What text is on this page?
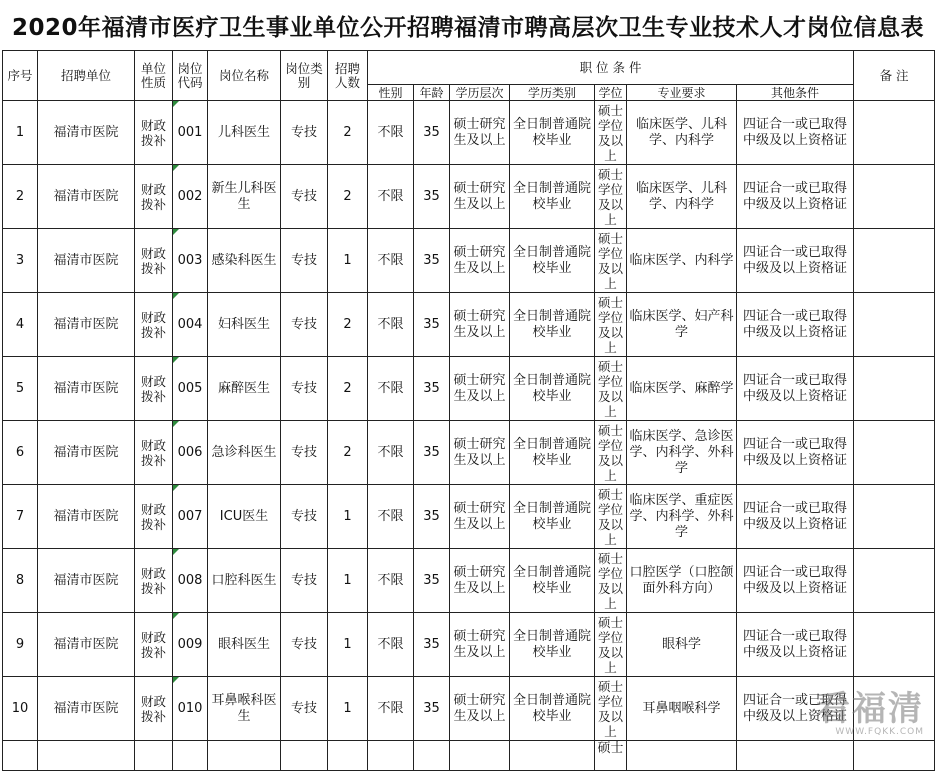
2020年福清市医疗卫生事业单位公开招聘福清市聘高层次卫生专业技术人才岗位信息表
序号	招聘单位	单位性质	岗位代码	岗位名称	岗位类别	招聘人数	职 位 条 件							备 注
							性别	年龄	学历层次	学历类别	学位	专业要求	其他条件	
1	福清市医院	财政拨补	001	儿科医生	专技	2	不限	35	硕士研究生及以上	全日制普通院校毕业	硕士学位及以上	临床医学、儿科学、内科学	四证合一或已取得中级及以上资格证	
2	福清市医院	财政拨补	002	新生儿科医生	专技	2	不限	35	硕士研究生及以上	全日制普通院校毕业	硕士学位及以上	临床医学、儿科学、内科学	四证合一或已取得中级及以上资格证	
3	福清市医院	财政拨补	003	感染科医生	专技	1	不限	35	硕士研究生及以上	全日制普通院校毕业	硕士学位及以上	临床医学、内科学	四证合一或已取得中级及以上资格证	
4	福清市医院	财政拨补	004	妇科医生	专技	2	不限	35	硕士研究生及以上	全日制普通院校毕业	硕士学位及以上	临床医学、妇产科学	四证合一或已取得中级及以上资格证	
5	福清市医院	财政拨补	005	麻醉医生	专技	2	不限	35	硕士研究生及以上	全日制普通院校毕业	硕士学位及以上	临床医学、麻醉学	四证合一或已取得中级及以上资格证	
6	福清市医院	财政拨补	006	急诊科医生	专技	2	不限	35	硕士研究生及以上	全日制普通院校毕业	硕士学位及以上	临床医学、急诊医学、内科学、外科学	四证合一或已取得中级及以上资格证	
7	福清市医院	财政拨补	007	ICU医生	专技	1	不限	35	硕士研究生及以上	全日制普通院校毕业	硕士学位及以上	临床医学、重症医学、内科学、外科学	四证合一或已取得中级及以上资格证	
8	福清市医院	财政拨补	008	口腔科医生	专技	1	不限	35	硕士研究生及以上	全日制普通院校毕业	硕士学位及以上	口腔医学（口腔颌面外科方向）	四证合一或已取得中级及以上资格证	
9	福清市医院	财政拨补	009	眼科医生	专技	1	不限	35	硕士研究生及以上	全日制普通院校毕业	硕士学位及以上	眼科学	四证合一或已取得中级及以上资格证	
10	福清市医院	财政拨补	010	耳鼻喉科医生	专技	1	不限	35	硕士研究生及以上	全日制普通院校毕业	硕士学位及以上	耳鼻咽喉科学	四证合一或已取得中级及以上资格证	
											硕士			
看福清
WWW.FQKK.COM
